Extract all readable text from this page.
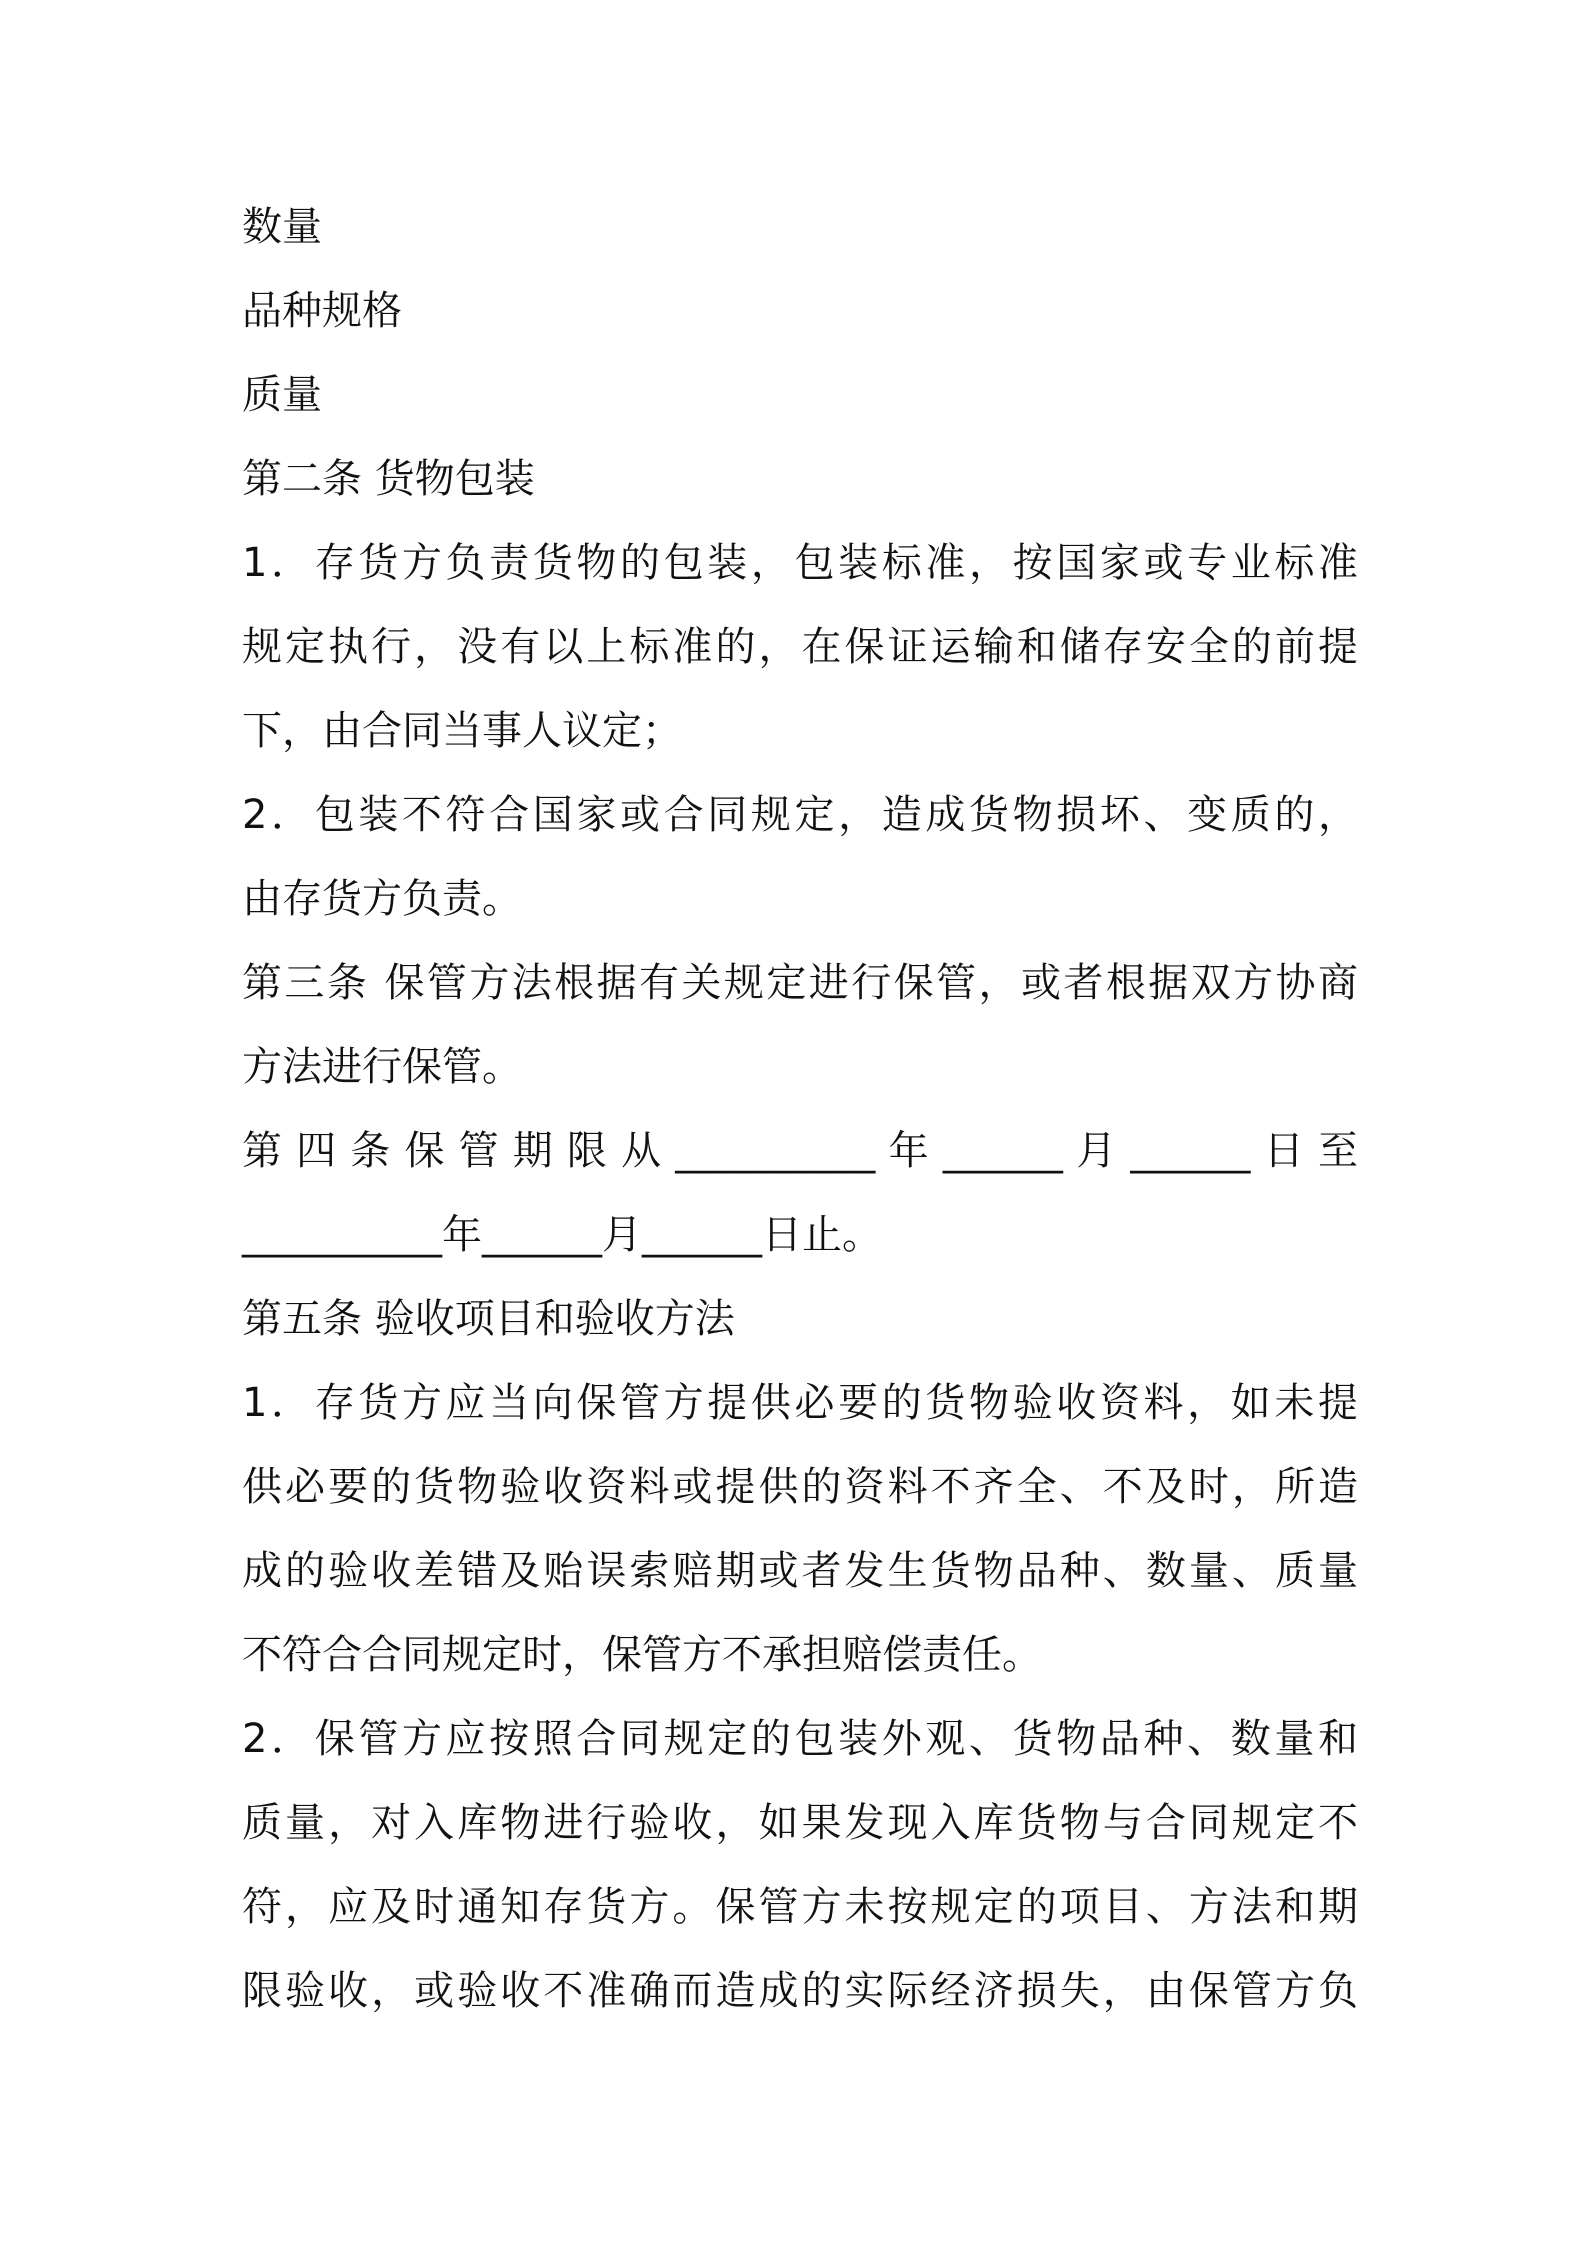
数量
品种规格
质量
第二条 货物包装
1．存货方负责货物的包装，包装标准，按国家或专业标准
规定执行，没有以上标准的，在保证运输和储存安全的前提
下，由合同当事人议定；
2．包装不符合国家或合同规定，造成货物损坏、变质的，
由存货方负责。
第三条 保管方法根据有关规定进行保管，或者根据双方协商
方法进行保管。
第 四 条 保 管 期 限 从 __________ 年 ______ 月 ______ 日 至
__________年______月______日止。
第五条 验收项目和验收方法
1．存货方应当向保管方提供必要的货物验收资料，如未提
供必要的货物验收资料或提供的资料不齐全、不及时，所造
成的验收差错及贻误索赔期或者发生货物品种、数量、质量
不符合合同规定时，保管方不承担赔偿责任。
2．保管方应按照合同规定的包装外观、货物品种、数量和
质量，对入库物进行验收，如果发现入库货物与合同规定不
符，应及时通知存货方。保管方未按规定的项目、方法和期
限验收，或验收不准确而造成的实际经济损失，由保管方负
